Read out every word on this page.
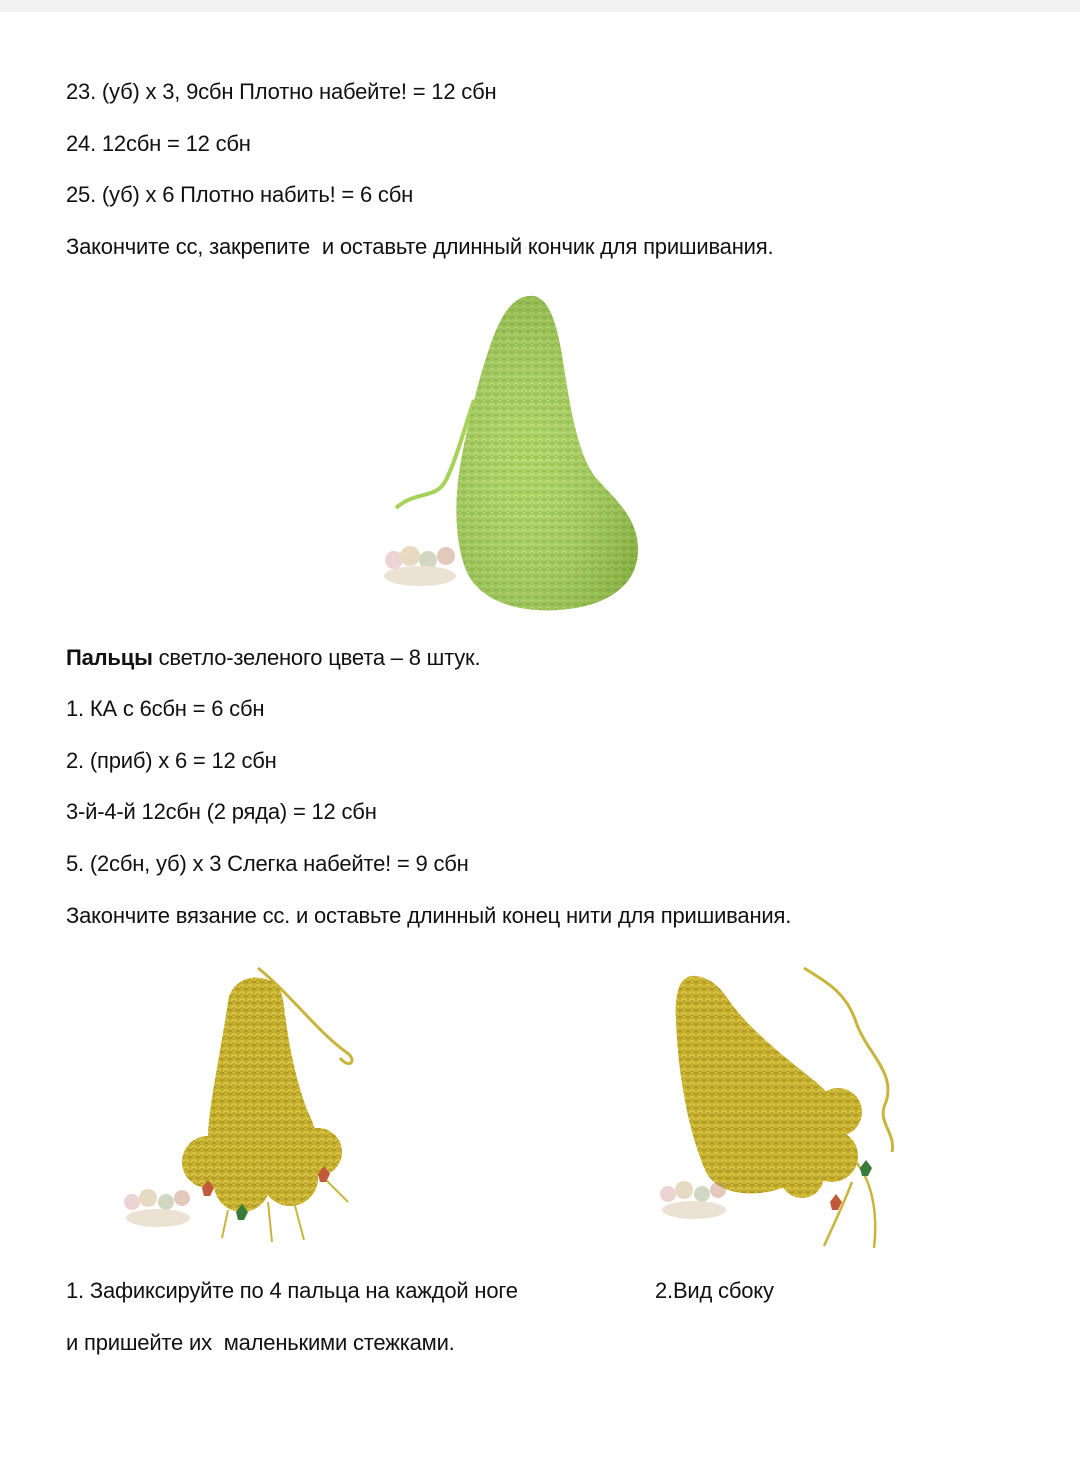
23. (уб) x 3, 9сбн Плотно набейте! = 12 сбн
24. 12сбн = 12 сбн
25. (уб) x 6 Плотно набить! = 6 сбн
Закончите сс, закрепите  и оставьте длинный кончик для пришивания.
Пальцы светло-зеленого цвета – 8 штук.
1. КА с 6сбн = 6 сбн
2. (приб) x 6 = 12 сбн
3-й-4-й 12сбн (2 ряда) = 12 сбн
5. (2сбн, уб) x 3 Слегка набейте! = 9 сбн
Закончите вязание сс. и оставьте длинный конец нити для пришивания.
1. Зафиксируйте по 4 пальца на каждой ноге	2.Вид сбоку
и пришейте их  маленькими стежками.
